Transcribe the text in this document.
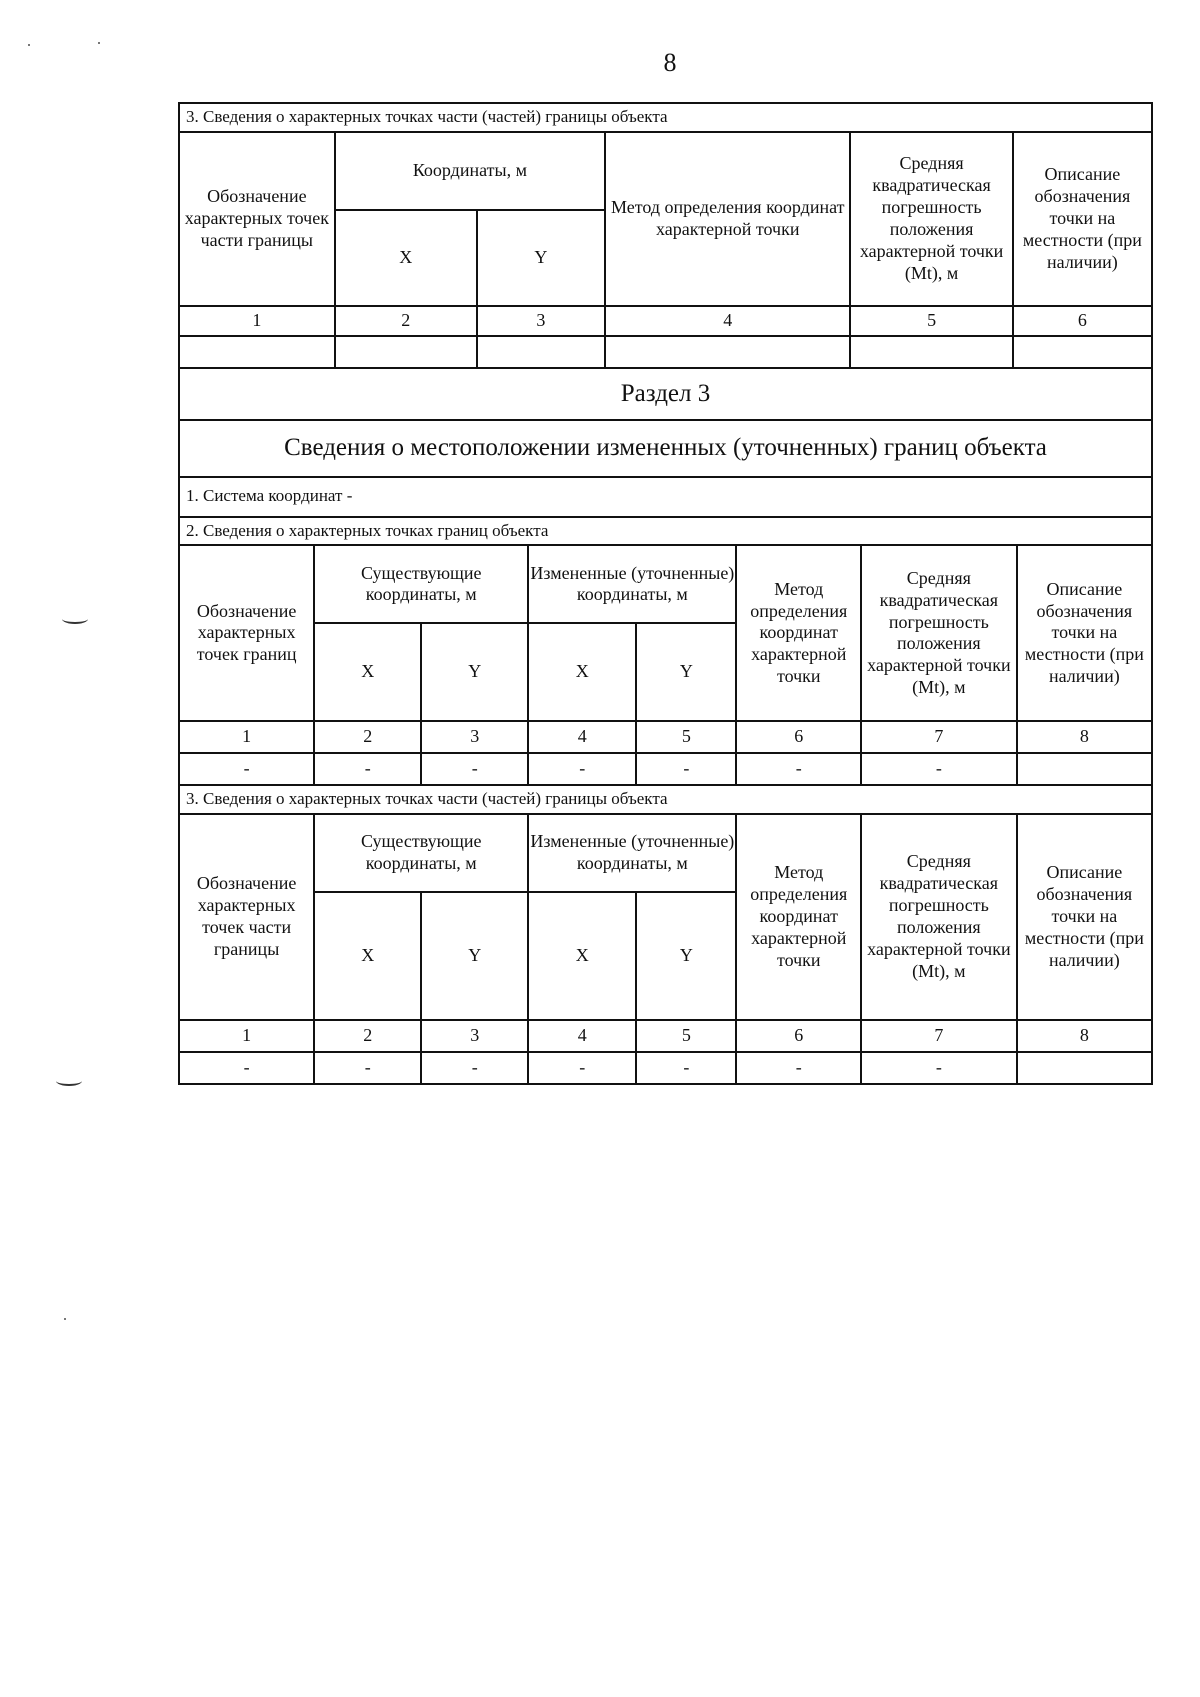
8
3. Сведения о характерных точках части (частей) границы объекта					
Обозначение характерных точек части границы	Координаты, м		Метод определения координат характерной точки	Средняя квадратическая погрешность положения характерной точки (Mt), м	Описание обозначения точки на местности (при наличии)
	X	Y			
1	2	3	4	5	6

Раздел 3					
Сведения о местоположении измененных (уточненных) границ объекта					
1. Система координат -					
2. Сведения о характерных точках границ объекта							
Обозначение характерных точек границ	Существующие координаты, м		Измененные (уточненные) координаты, м		Метод определения координат характерной точки	Средняя квадратическая погрешность положения характерной точки (Mt), м	Описание обозначения точки на местности (при наличии)
	X	Y	X	Y			
1	2	3	4	5	6	7	8
-	-	-	-	-	-	-	
3. Сведения о характерных точках части (частей) границы объекта							
Обозначение характерных точек части границы	Существующие координаты, м		Измененные (уточненные) координаты, м		Метод определения координат характерной точки	Средняя квадратическая погрешность положения характерной точки (Mt), м	Описание обозначения точки на местности (при наличии)
	X	Y	X	Y			
1	2	3	4	5	6	7	8
-	-	-	-	-	-	-	
